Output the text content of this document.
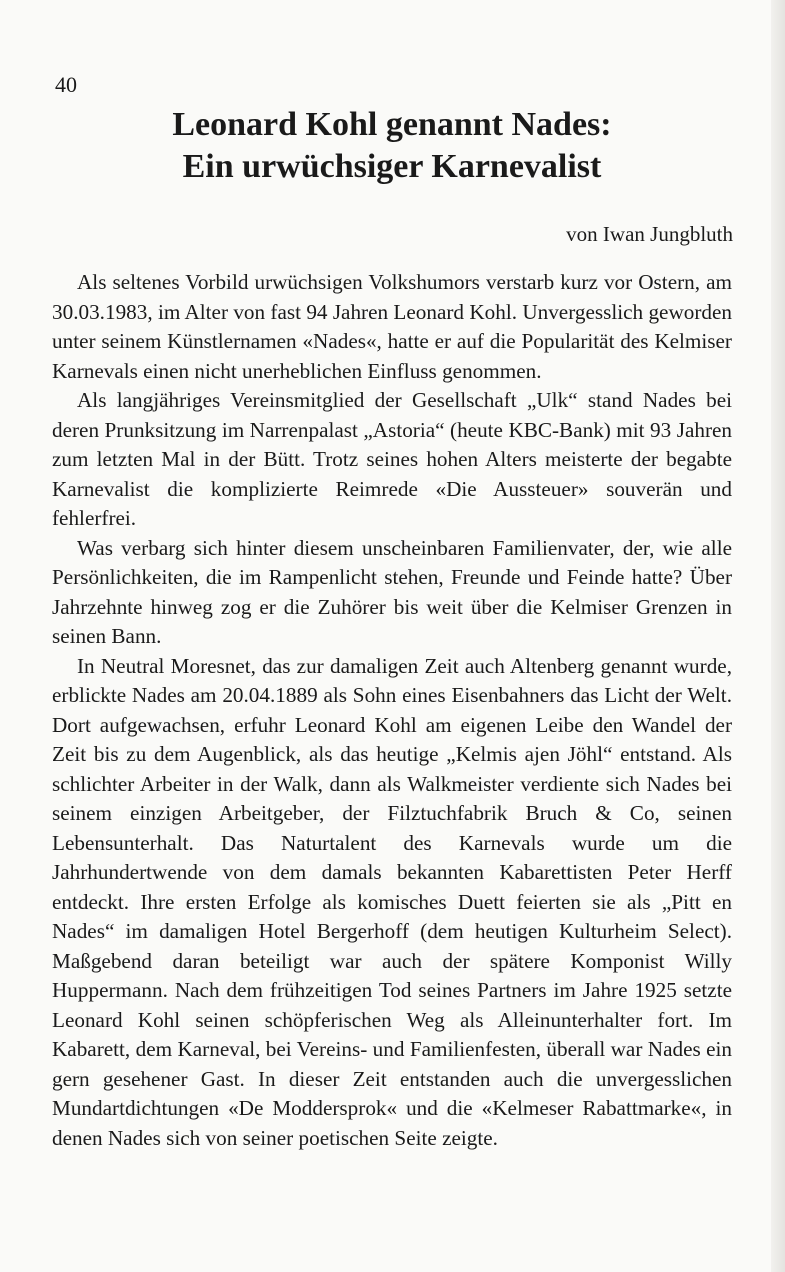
40
Leonard Kohl genannt Nades:
Ein urwüchsiger Karnevalist
von Iwan Jungbluth

Als seltenes Vorbild urwüchsigen Volkshumors verstarb kurz vor Ostern, am 30.03.1983, im Alter von fast 94 Jahren Leonard Kohl. Unvergesslich geworden unter seinem Künstlernamen «Nades«, hatte er auf die Popularität des Kelmiser Karnevals einen nicht unerheblichen Einfluss genommen.

Als langjähriges Vereinsmitglied der Gesellschaft „Ulk“ stand Nades bei deren Prunksitzung im Narrenpalast „Astoria“ (heute KBC-Bank) mit 93 Jahren zum letzten Mal in der Bütt. Trotz seines hohen Alters meisterte der begabte Karnevalist die komplizierte Reimrede «Die Aussteuer» souverän und fehlerfrei.

Was verbarg sich hinter diesem unscheinbaren Familienvater, der, wie alle Persönlichkeiten, die im Rampenlicht stehen, Freunde und Feinde hatte? Über Jahrzehnte hinweg zog er die Zuhörer bis weit über die Kelmiser Grenzen in seinen Bann.

In Neutral Moresnet, das zur damaligen Zeit auch Altenberg genannt wurde, erblickte Nades am 20.04.1889 als Sohn eines Eisenbahners das Licht der Welt. Dort aufgewachsen, erfuhr Leonard Kohl am eigenen Leibe den Wandel der Zeit bis zu dem Augenblick, als das heutige „Kelmis ajen Jöhl“ entstand. Als schlichter Arbeiter in der Walk, dann als Walkmeister verdiente sich Nades bei seinem einzigen Arbeitgeber, der Filztuchfabrik Bruch & Co, seinen Lebensunterhalt. Das Naturtalent des Karnevals wurde um die Jahrhundertwende von dem damals bekannten Kabarettisten Peter Herff entdeckt. Ihre ersten Erfolge als komisches Duett feierten sie als „Pitt en Nades“ im damaligen Hotel Bergerhoff (dem heutigen Kulturheim Select). Maßgebend daran beteiligt war auch der spätere Komponist Willy Huppermann. Nach dem frühzeitigen Tod seines Partners im Jahre 1925 setzte Leonard Kohl seinen schöpferischen Weg als Alleinunterhalter fort. Im Kabarett, dem Karneval, bei Vereins- und Familienfesten, überall war Nades ein gern gesehener Gast. In dieser Zeit entstanden auch die unvergesslichen Mundartdichtungen «De Moddersprok« und die «Kelmeser Rabattmarke«, in denen Nades sich von seiner poetischen Seite zeigte.
